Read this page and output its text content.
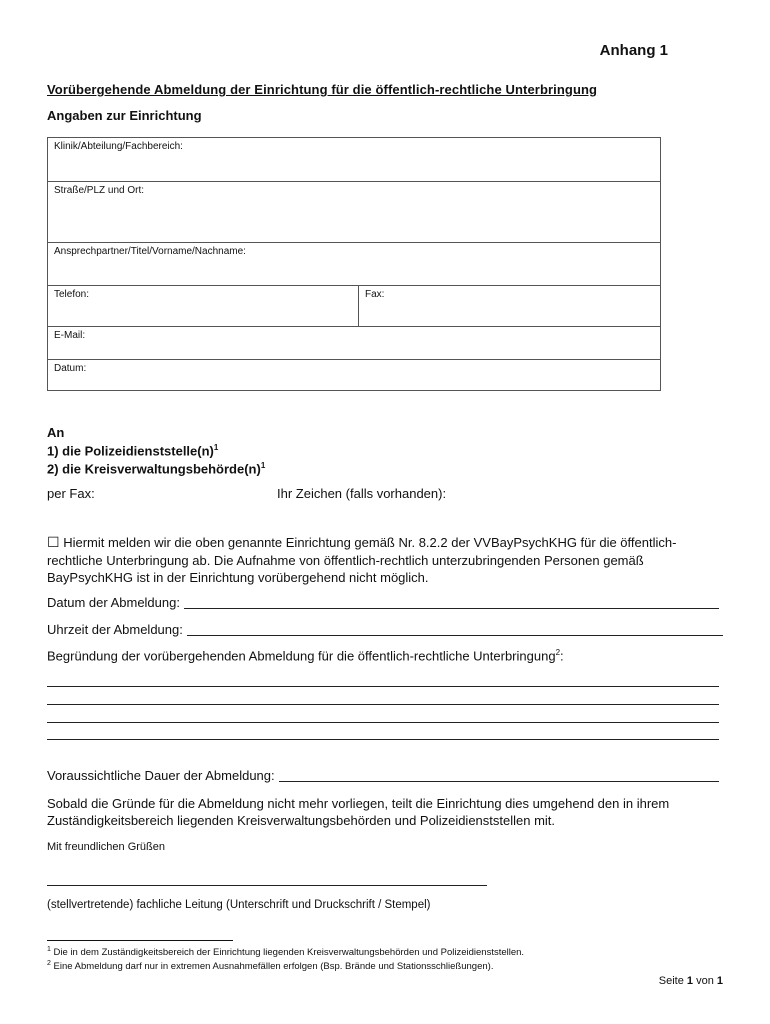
Anhang 1
Vorübergehende Abmeldung der Einrichtung für die öffentlich-rechtliche Unterbringung
Angaben zur Einrichtung
Klinik/Abteilung/Fachbereich:
Straße/PLZ und Ort:
Ansprechpartner/Titel/Vorname/Nachname:
Telefon:	Fax:
E-Mail:
Datum:
An
1) die $Polizeidienststelle(n)^1$
2) die $Kreisverwaltungsbehörde(n)^1$
per Fax:	Ihr Zeichen (falls vorhanden):
☐ Hiermit melden wir die oben genannte Einrichtung gemäß Nr. 8.2.2 der VVBayPsychKHG für die öffentlich-rechtliche Unterbringung ab. Die Aufnahme von öffentlich-rechtlich unterzubringenden Personen gemäß BayPsychKHG ist in der Einrichtung vorübergehend nicht möglich.
Datum der Abmeldung:
Uhrzeit der Abmeldung:
Begründung der vorübergehenden Abmeldung für die öffentlich-rechtliche Unterbringung$^2$:
Voraussichtliche Dauer der Abmeldung:
Sobald die Gründe für die Abmeldung nicht mehr vorliegen, teilt die Einrichtung dies umgehend den in ihrem Zuständigkeitsbereich liegenden Kreisverwaltungsbehörden und Polizeidienststellen mit.
Mit freundlichen Grüßen
(stellvertretende) fachliche Leitung (Unterschrift und Druckschrift / Stempel)
$^1$ Die in dem Zuständigkeitsbereich der Einrichtung liegenden Kreisverwaltungsbehörden und Polizeidienststellen.
$^2$ Eine Abmeldung darf nur in extremen Ausnahmefällen erfolgen (Bsp. Brände und Stationsschließungen).
Seite 1 von 1
